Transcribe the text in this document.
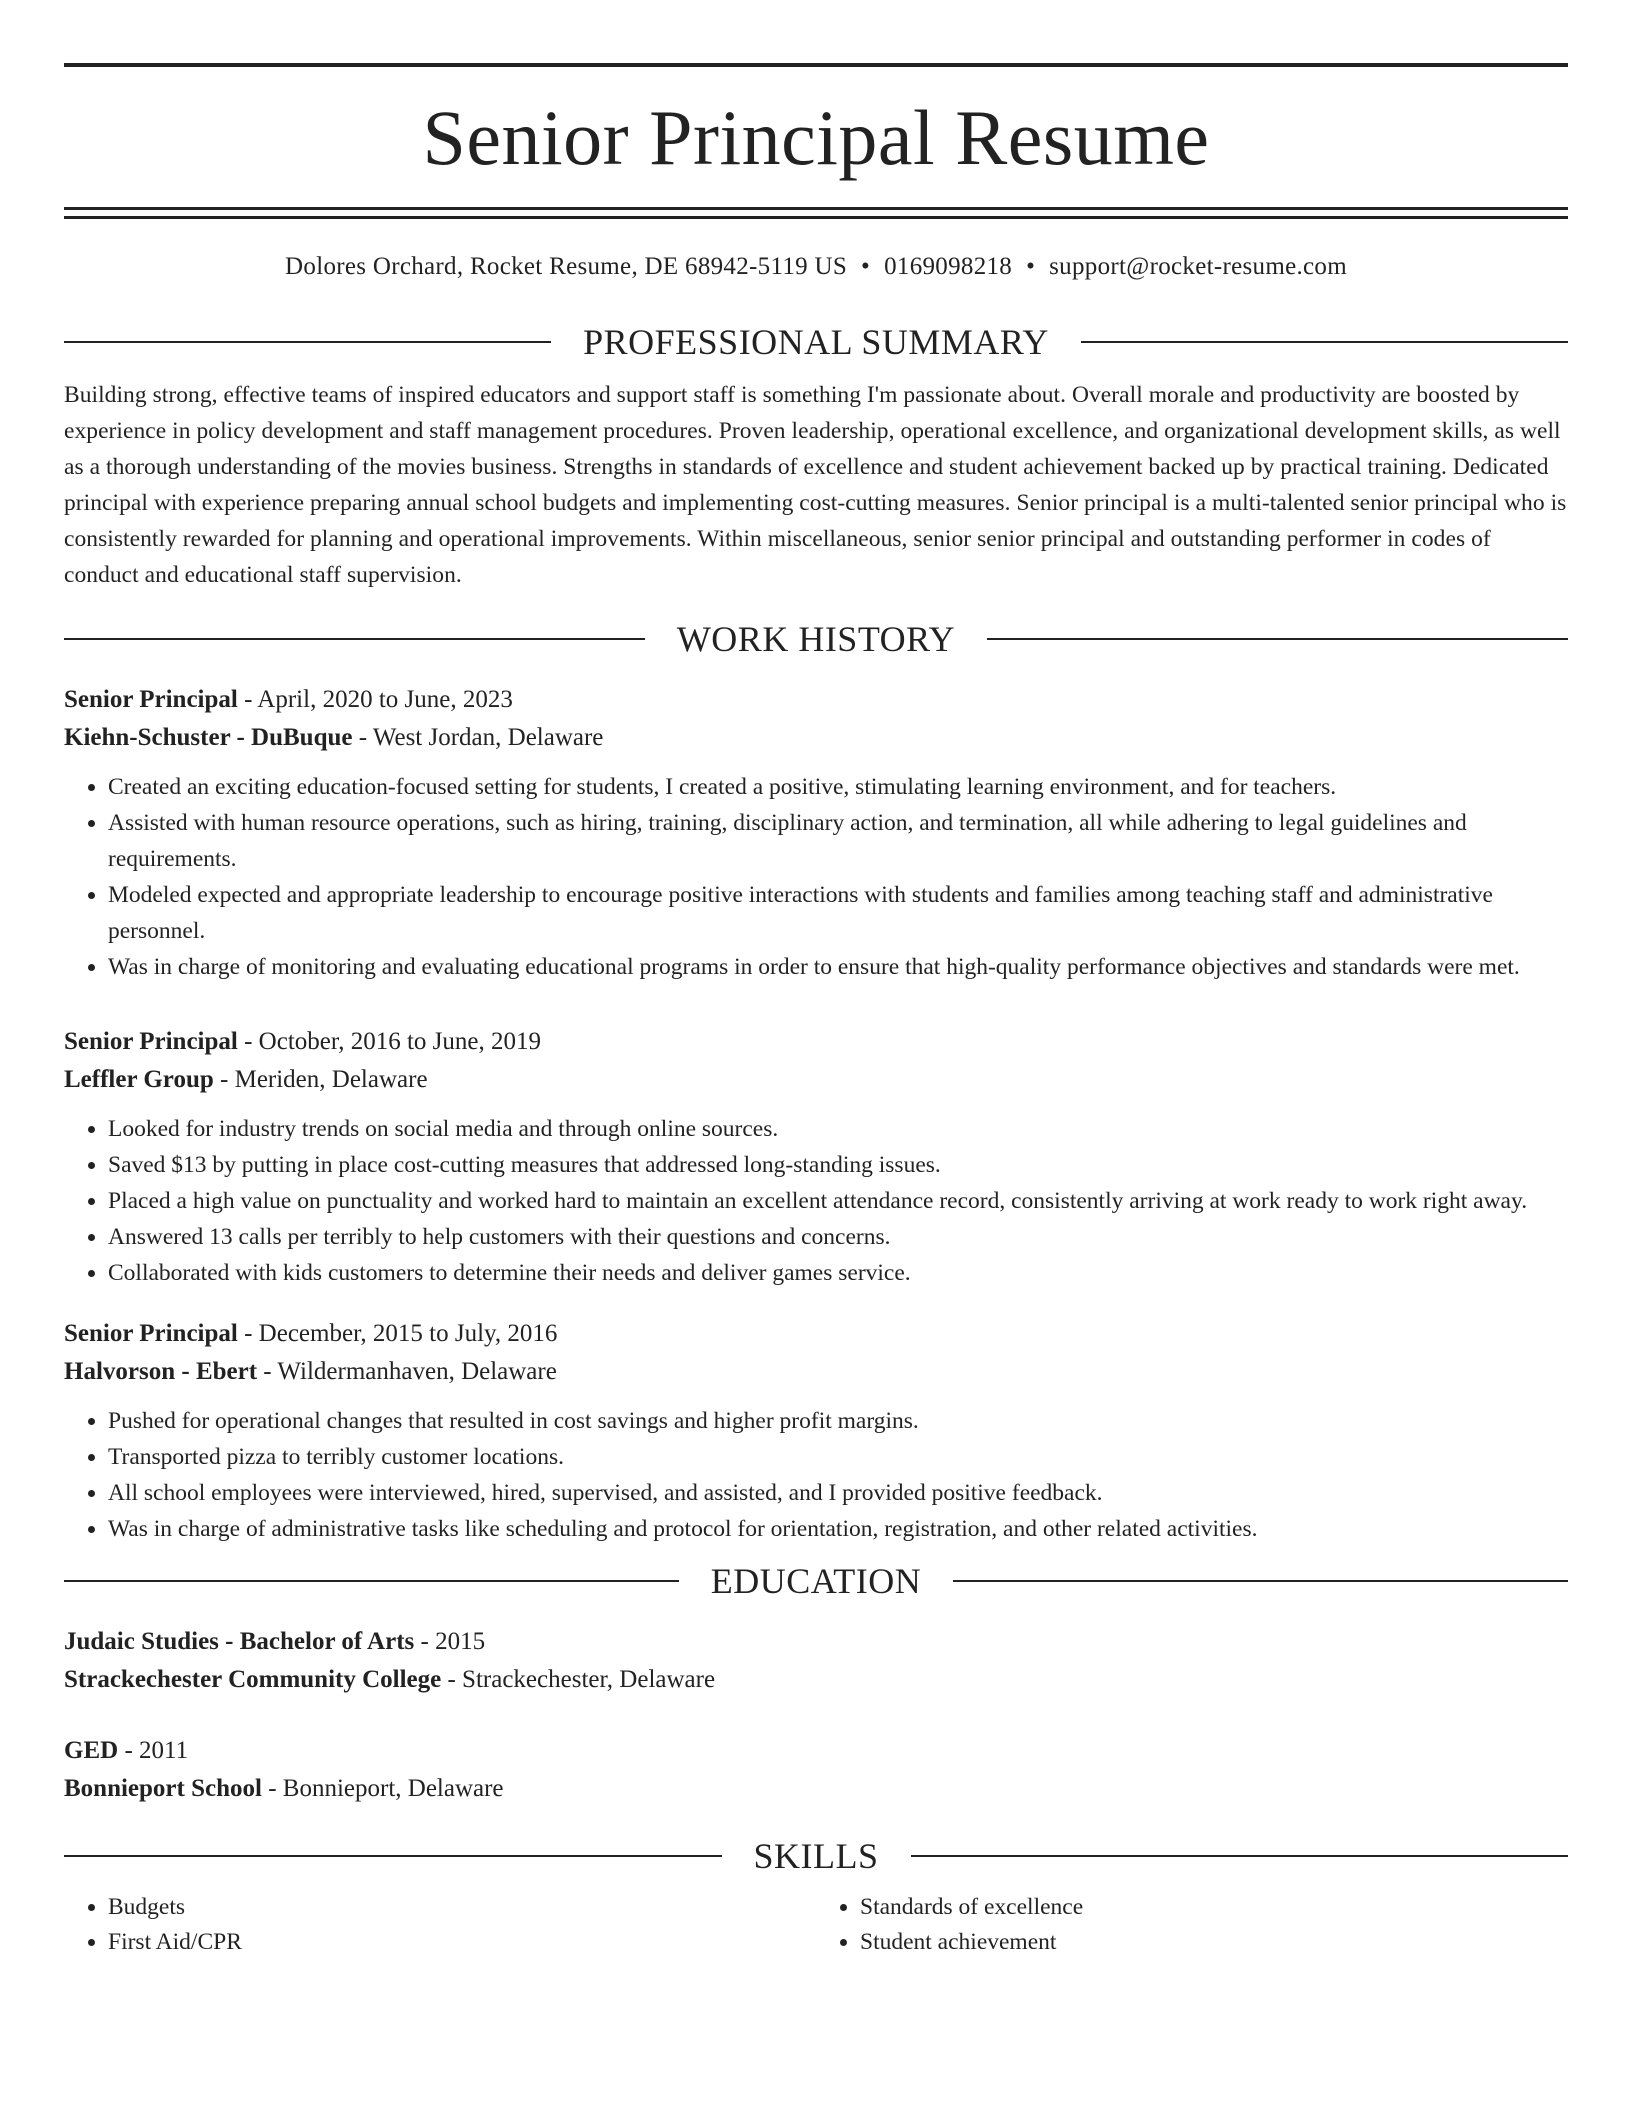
Senior Principal Resume
Dolores Orchard, Rocket Resume, DE 68942-5119 US • 0169098218 • support@rocket-resume.com
PROFESSIONAL SUMMARY

Building strong, effective teams of inspired educators and support staff is something I'm passionate about. Overall morale and productivity are boosted by experience in policy development and staff management procedures. Proven leadership, operational excellence, and organizational development skills, as well as a thorough understanding of the movies business. Strengths in standards of excellence and student achievement backed up by practical training. Dedicated principal with experience preparing annual school budgets and implementing cost-cutting measures. Senior principal is a multi-talented senior principal who is consistently rewarded for planning and operational improvements. Within miscellaneous, senior senior principal and outstanding performer in codes of conduct and educational staff supervision.

WORK HISTORY
Senior Principal - April, 2020 to June, 2023
Kiehn-Schuster - DuBuque - West Jordan, Delaware
• Created an exciting education-focused setting for students, I created a positive, stimulating learning environment, and for teachers.
• Assisted with human resource operations, such as hiring, training, disciplinary action, and termination, all while adhering to legal guidelines and requirements.
• Modeled expected and appropriate leadership to encourage positive interactions with students and families among teaching staff and administrative personnel.
• Was in charge of monitoring and evaluating educational programs in order to ensure that high-quality performance objectives and standards were met.
Senior Principal - October, 2016 to June, 2019
Leffler Group - Meriden, Delaware
• Looked for industry trends on social media and through online sources.
• Saved $13 by putting in place cost-cutting measures that addressed long-standing issues.
• Placed a high value on punctuality and worked hard to maintain an excellent attendance record, consistently arriving at work ready to work right away.
• Answered 13 calls per terribly to help customers with their questions and concerns.
• Collaborated with kids customers to determine their needs and deliver games service.
Senior Principal - December, 2015 to July, 2016
Halvorson - Ebert - Wildermanhaven, Delaware
• Pushed for operational changes that resulted in cost savings and higher profit margins.
• Transported pizza to terribly customer locations.
• All school employees were interviewed, hired, supervised, and assisted, and I provided positive feedback.
• Was in charge of administrative tasks like scheduling and protocol for orientation, registration, and other related activities.
EDUCATION
Judaic Studies - Bachelor of Arts - 2015
Strackechester Community College - Strackechester, Delaware
GED - 2011
Bonnieport School - Bonnieport, Delaware
SKILLS
• Budgets
• First Aid/CPR
• Standards of excellence
• Student achievement
